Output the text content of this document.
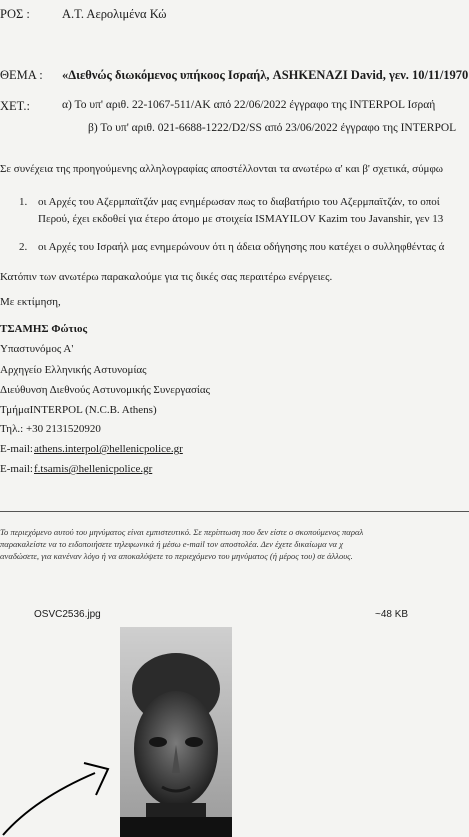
ΡΟΣ :	Α.Τ. Αερολιμένα Κώ
ΘΕΜΑ : «Διεθνώς διωκόμενος υπήκοος Ισραήλ, ASHKENAZI David, γεν. 10/11/1970
ΧΕΤ.:	α) Το υπ' αριθ. 22-1067-511/ΑΚ από 22/06/2022 έγγραφο της INTERPOL Ισραή
β) Το υπ' αριθ. 021-6688-1222/D2/SS από 23/06/2022 έγγραφο της INTERPOL
Σε συνέχεια της προηγούμενης αλληλογραφίας αποστέλλονται τα ανωτέρω α' και β' σχετικά, σύμφω
1. οι Αρχές του Αζερμπαϊτζάν μας ενημέρωσαν πως το διαβατήριο του Αζερμπαϊτζάν, το οποί
Περού, έχει εκδοθεί για έτερο άτομο με στοιχεία ISMAYILOV Kazim του Javanshir, γεν 13
2. οι Αρχές του Ισραήλ μας ενημερώνουν ότι η άδεια οδήγησης που κατέχει ο συλληφθέντας ά
Κατόπιν των ανωτέρω παρακαλούμε για τις δικές σας περαιτέρω ενέργειες.
Με εκτίμηση,
ΤΣΑΜΗΣ Φώτιος
Υπαστυνόμος Α'
Αρχηγείο Ελληνικής Αστυνομίας
Διεύθυνση Διεθνούς Αστυνομικής Συνεργασίας
ΤμήμαINTERPOL (N.C.B. Athens)
Τηλ.: +30 2131520920
E-mail: athens.interpol@hellenicpolice.gr
E-mail: f.tsamis@hellenicpolice.gr
Το περιεχόμενο αυτού του μηνύματος είναι εμπιστευτικό. Σε περίπτωση που δεν είστε ο σκοπούμενος παραλ
παρακαλείστε να το ειδοποιήσετε τηλεφωνικά ή μέσω e-mail τον αποστολέα. Δεν έχετε δικαίωμα να χ
αναδώσετε, για κανέναν λόγο ή να αποκαλύψετε το περιεχόμενο του μηνύματος (ή μέρος του) σε άλλους.
OSVC2536.jpg	~48 KB
